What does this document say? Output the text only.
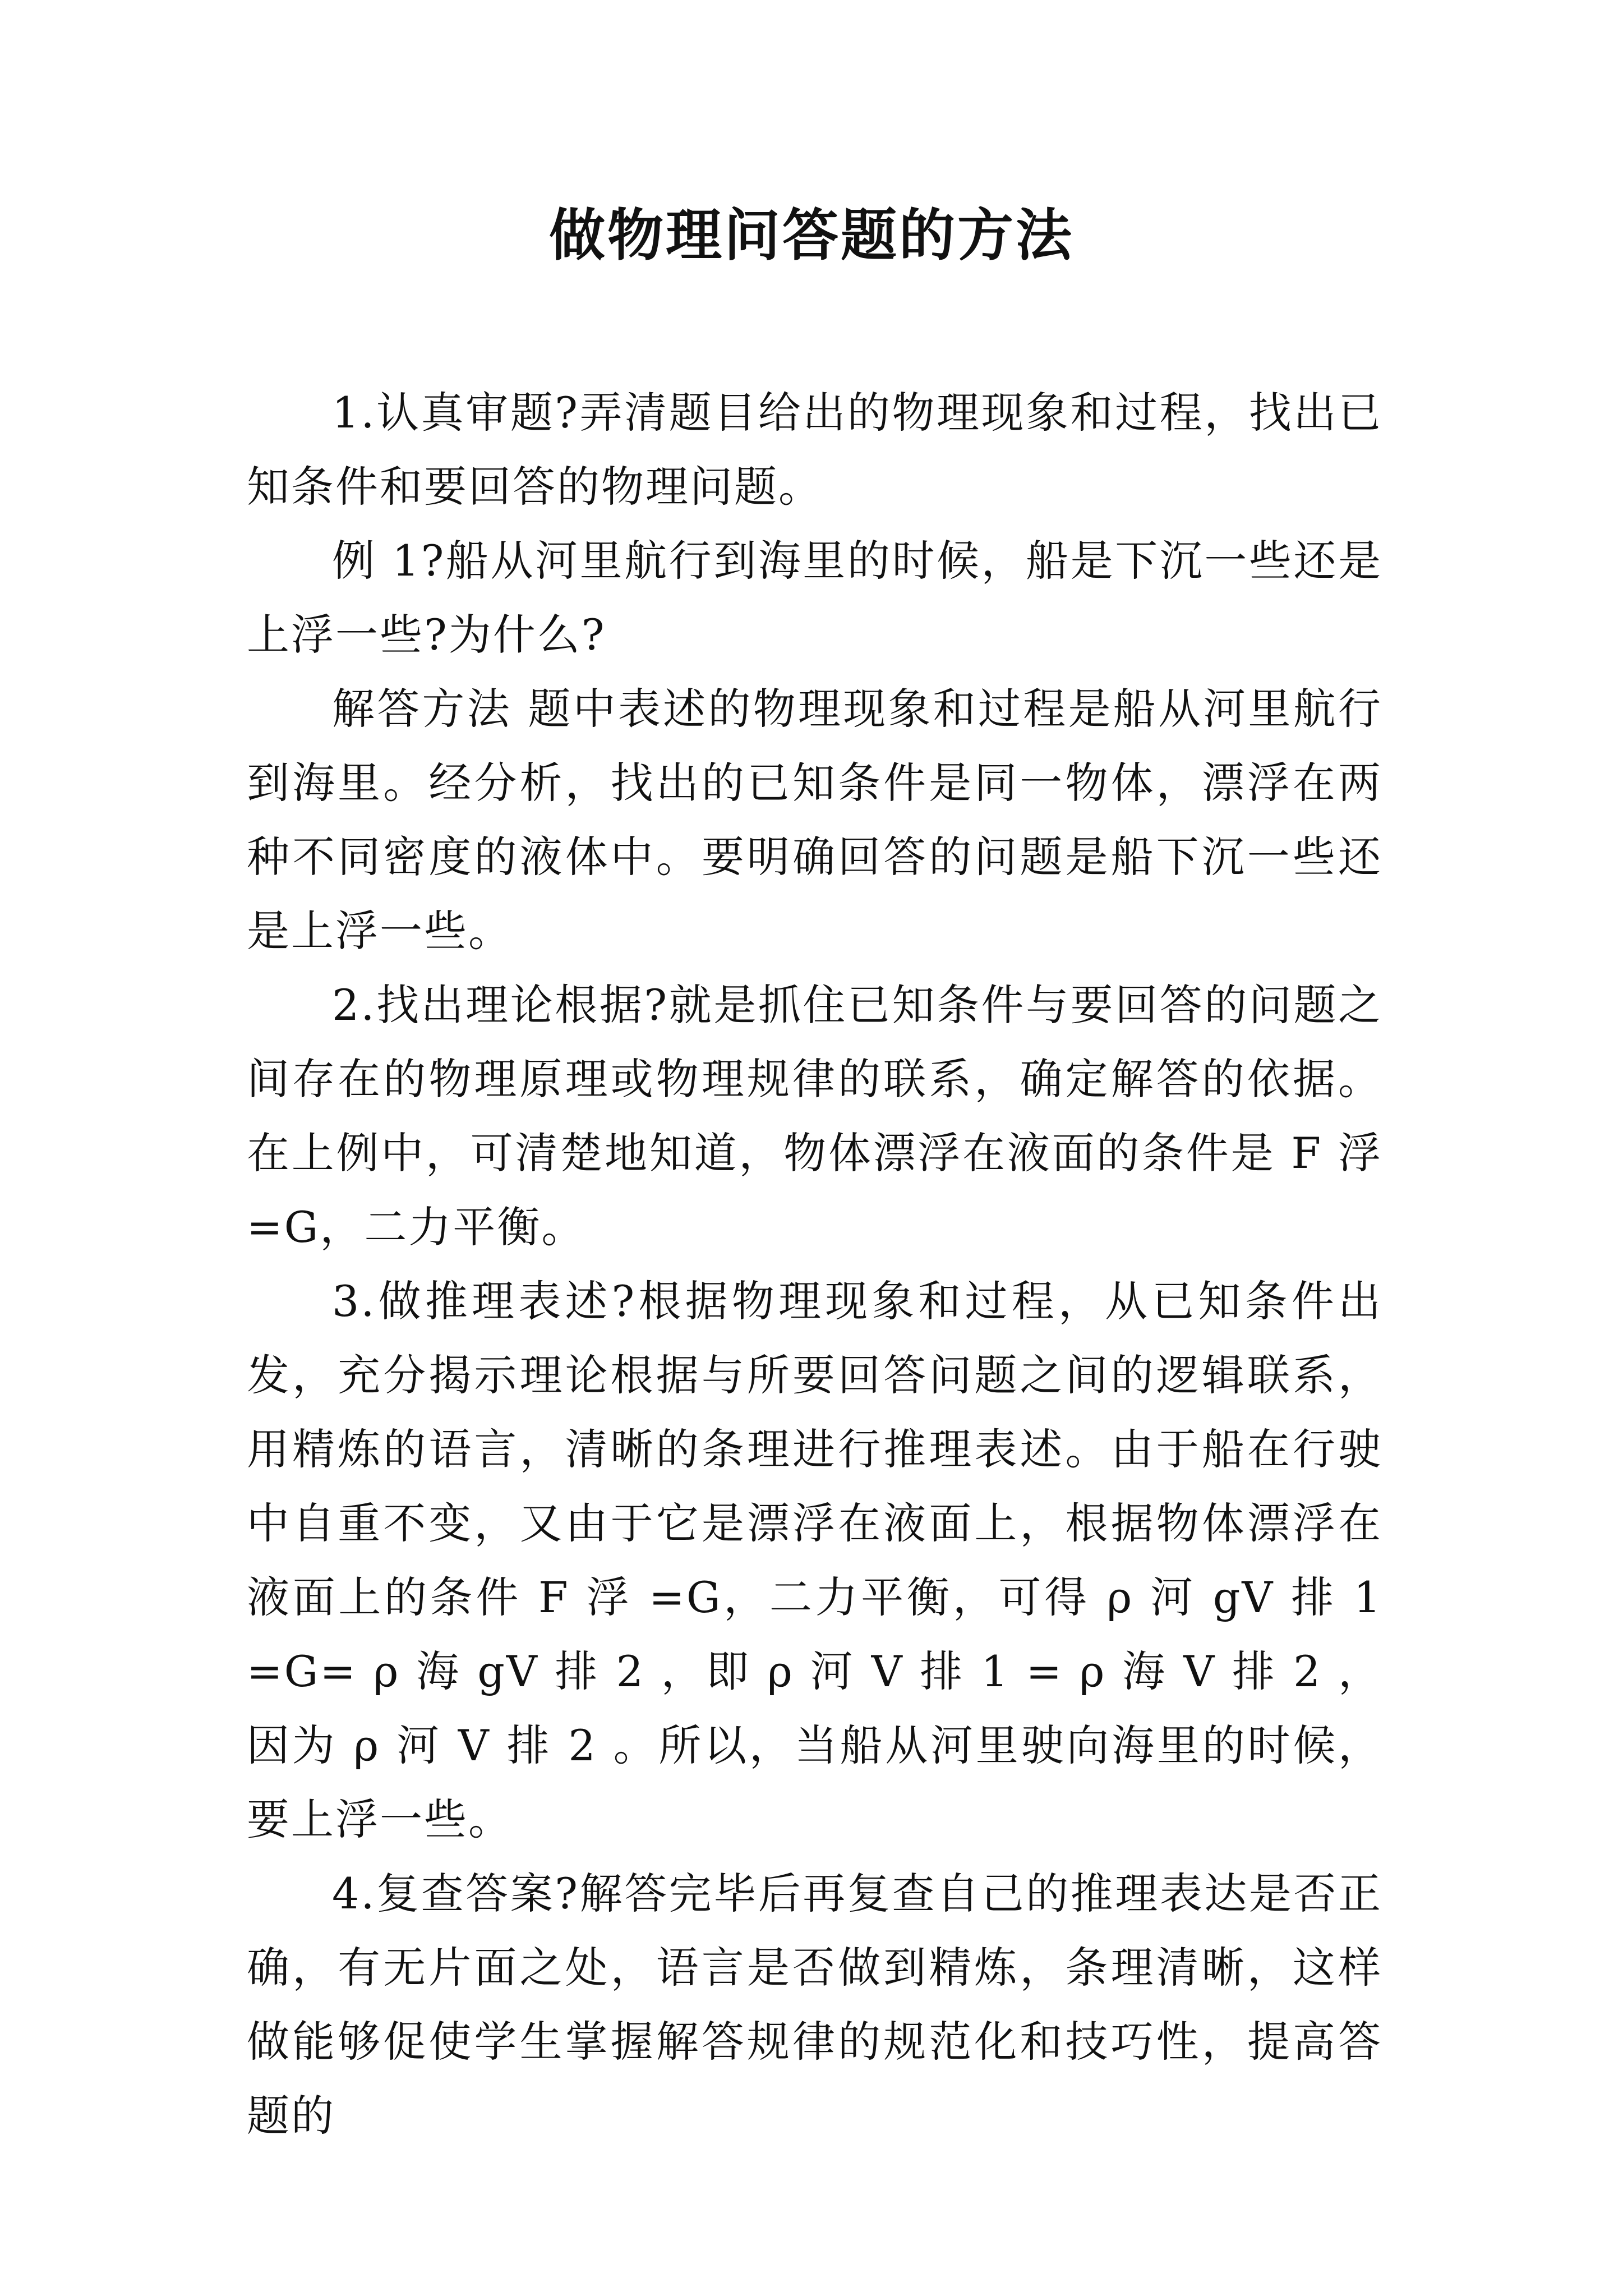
做物理问答题的方法

1.认真审题?弄清题目给出的物理现象和过程，找出已知条件和要回答的物理问题。

例 1?船从河里航行到海里的时候，船是下沉一些还是上浮一些?为什么?

解答方法 题中表述的物理现象和过程是船从河里航行到海里。经分析，找出的已知条件是同一物体，漂浮在两种不同密度的液体中。要明确回答的问题是船下沉一些还是上浮一些。

2.找出理论根据?就是抓住已知条件与要回答的问题之间存在的物理原理或物理规律的联系，确定解答的依据。在上例中，可清楚地知道，物体漂浮在液面的条件是 F 浮 =G，二力平衡。

3.做推理表述?根据物理现象和过程，从已知条件出发，充分揭示理论根据与所要回答问题之间的逻辑联系，用精炼的语言，清晰的条理进行推理表述。由于船在行驶中自重不变，又由于它是漂浮在液面上，根据物体漂浮在液面上的条件 F 浮 =G，二力平衡，可得 ρ 河 gV 排 1 =G= ρ 海 gV 排 2 ，即 ρ 河 V 排 1 = ρ 海 V 排 2 ，因为 ρ 河 V 排 2 。所以，当船从河里驶向海里的时候，要上浮一些。

4.复查答案?解答完毕后再复查自己的推理表达是否正确，有无片面之处，语言是否做到精炼，条理清晰，这样做能够促使学生掌握解答规律的规范化和技巧性，提高答题的
